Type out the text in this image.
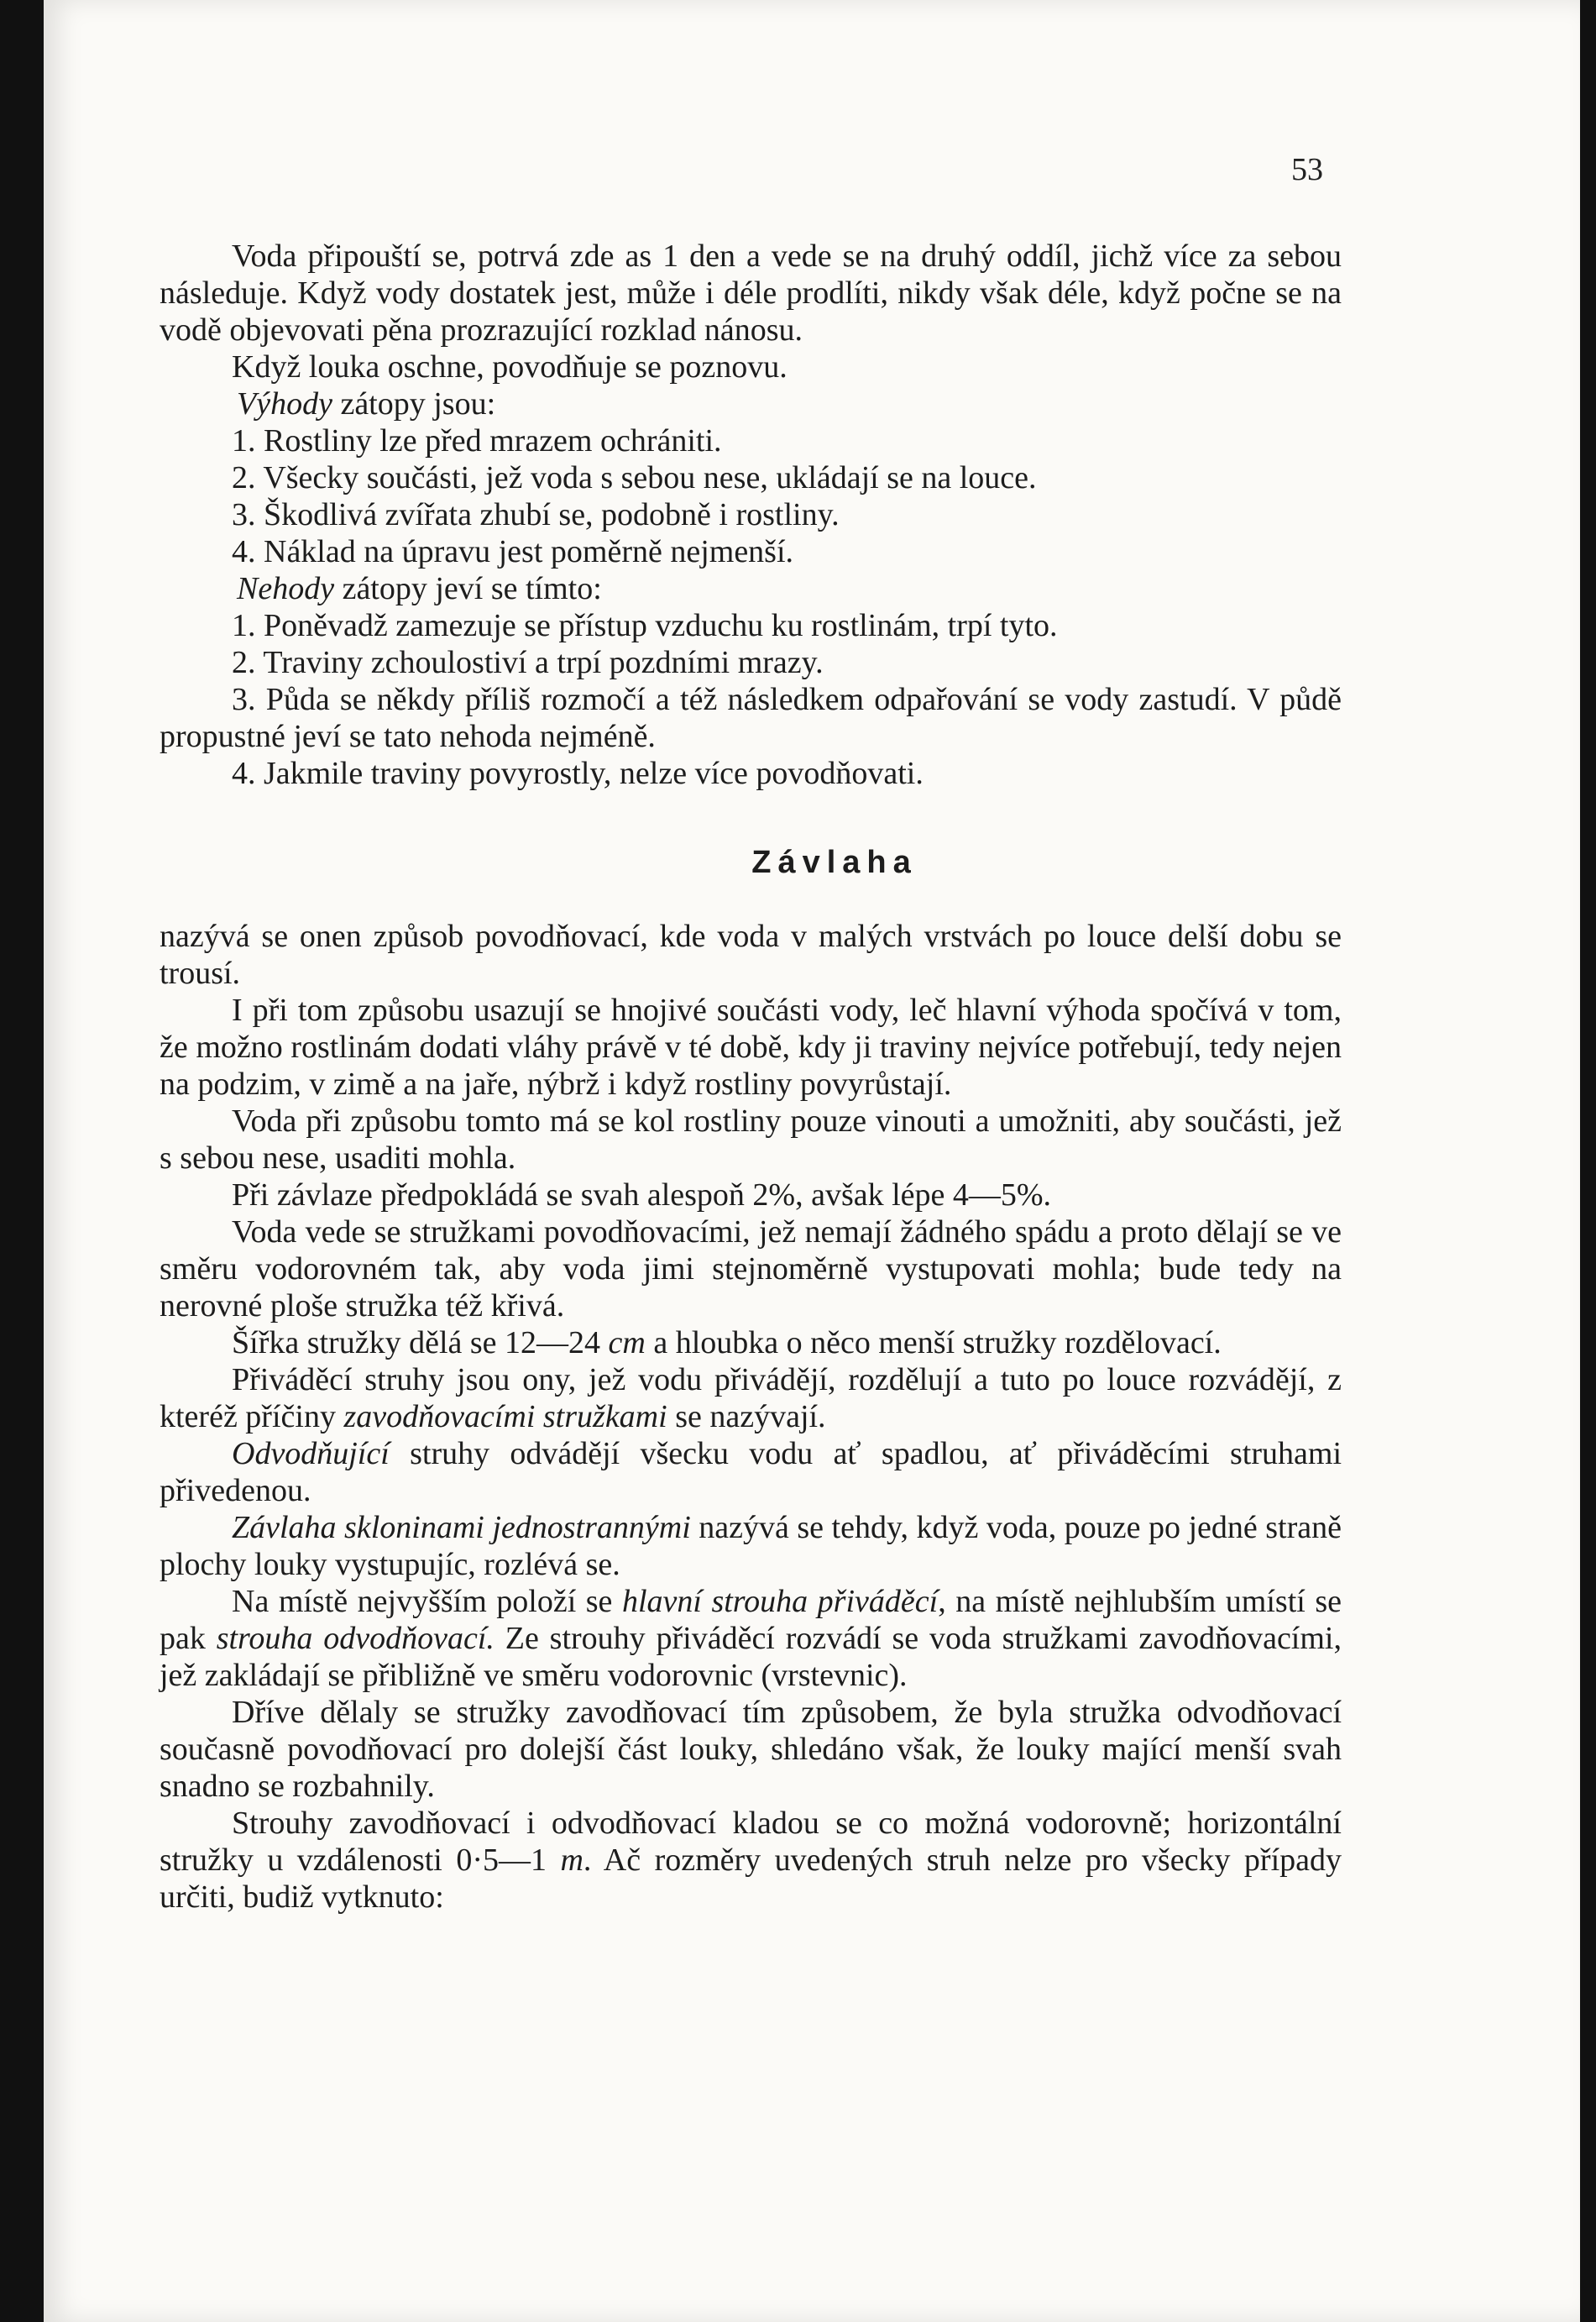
53

Voda připouští se, potrvá zde as 1 den a vede se na druhý oddíl, jichž více za sebou následuje. Když vody dostatek jest, může i déle prodlíti, nikdy však déle, když počne se na vodě objevovati pěna prozrazující rozklad nánosu.

Když louka oschne, povodňuje se poznovu.

Výhody zátopy jsou:

1. Rostliny lze před mrazem ochrániti.

2. Všecky součásti, jež voda s sebou nese, ukládají se na louce.

3. Škodlivá zvířata zhubí se, podobně i rostliny.

4. Náklad na úpravu jest poměrně nejmenší.

Nehody zátopy jeví se tímto:

1. Poněvadž zamezuje se přístup vzduchu ku rostlinám, trpí tyto.

2. Traviny zchoulostiví a trpí pozdními mrazy.

3. Půda se někdy příliš rozmočí a též následkem odpařování se vody zastudí. V půdě propustné jeví se tato nehoda nejméně.

4. Jakmile traviny povyrostly, nelze více povodňovati.

Závlaha

nazývá se onen způsob povodňovací, kde voda v malých vrstvách po louce delší dobu se trousí.

I při tom způsobu usazují se hnojivé součásti vody, leč hlavní výhoda spočívá v tom, že možno rostlinám dodati vláhy právě v té době, kdy ji traviny nejvíce potřebují, tedy nejen na podzim, v zimě a na jaře, nýbrž i když rostliny povyrůstají.

Voda při způsobu tomto má se kol rostliny pouze vinouti a umožniti, aby součásti, jež s sebou nese, usaditi mohla.

Při závlaze předpokládá se svah alespoň 2%, avšak lépe 4—5%.

Voda vede se stružkami povodňovacími, jež nemají žádného spádu a proto dělají se ve směru vodorovném tak, aby voda jimi stejnoměrně vystupovati mohla; bude tedy na nerovné ploše stružka též křivá.

Šířka stružky dělá se 12—24 cm a hloubka o něco menší stružky rozdělovací.

Přiváděcí struhy jsou ony, jež vodu přivádějí, rozdělují a tuto po louce rozvádějí, z kteréž příčiny zavodňovacími stružkami se nazývají.

Odvodňující struhy odvádějí všecku vodu ať spadlou, ať přiváděcími struhami přivedenou.

Závlaha skloninami jednostrannými nazývá se tehdy, když voda, pouze po jedné straně plochy louky vystupujíc, rozlévá se.

Na místě nejvyšším položí se hlavní strouha přiváděcí, na místě nejhlubším umístí se pak strouha odvodňovací. Ze strouhy přiváděcí rozvádí se voda stružkami zavodňovacími, jež zakládají se přibližně ve směru vodorovnic (vrstevnic).

Dříve dělaly se stružky zavodňovací tím způsobem, že byla stružka odvodňovací současně povodňovací pro dolejší část louky, shledáno však, že louky mající menší svah snadno se rozbahnily.

Strouhy zavodňovací i odvodňovací kladou se co možná vodorovně; horizontální stružky u vzdálenosti 0·5—1 m. Ač rozměry uvedených struh nelze pro všecky případy určiti, budiž vytknuto:
